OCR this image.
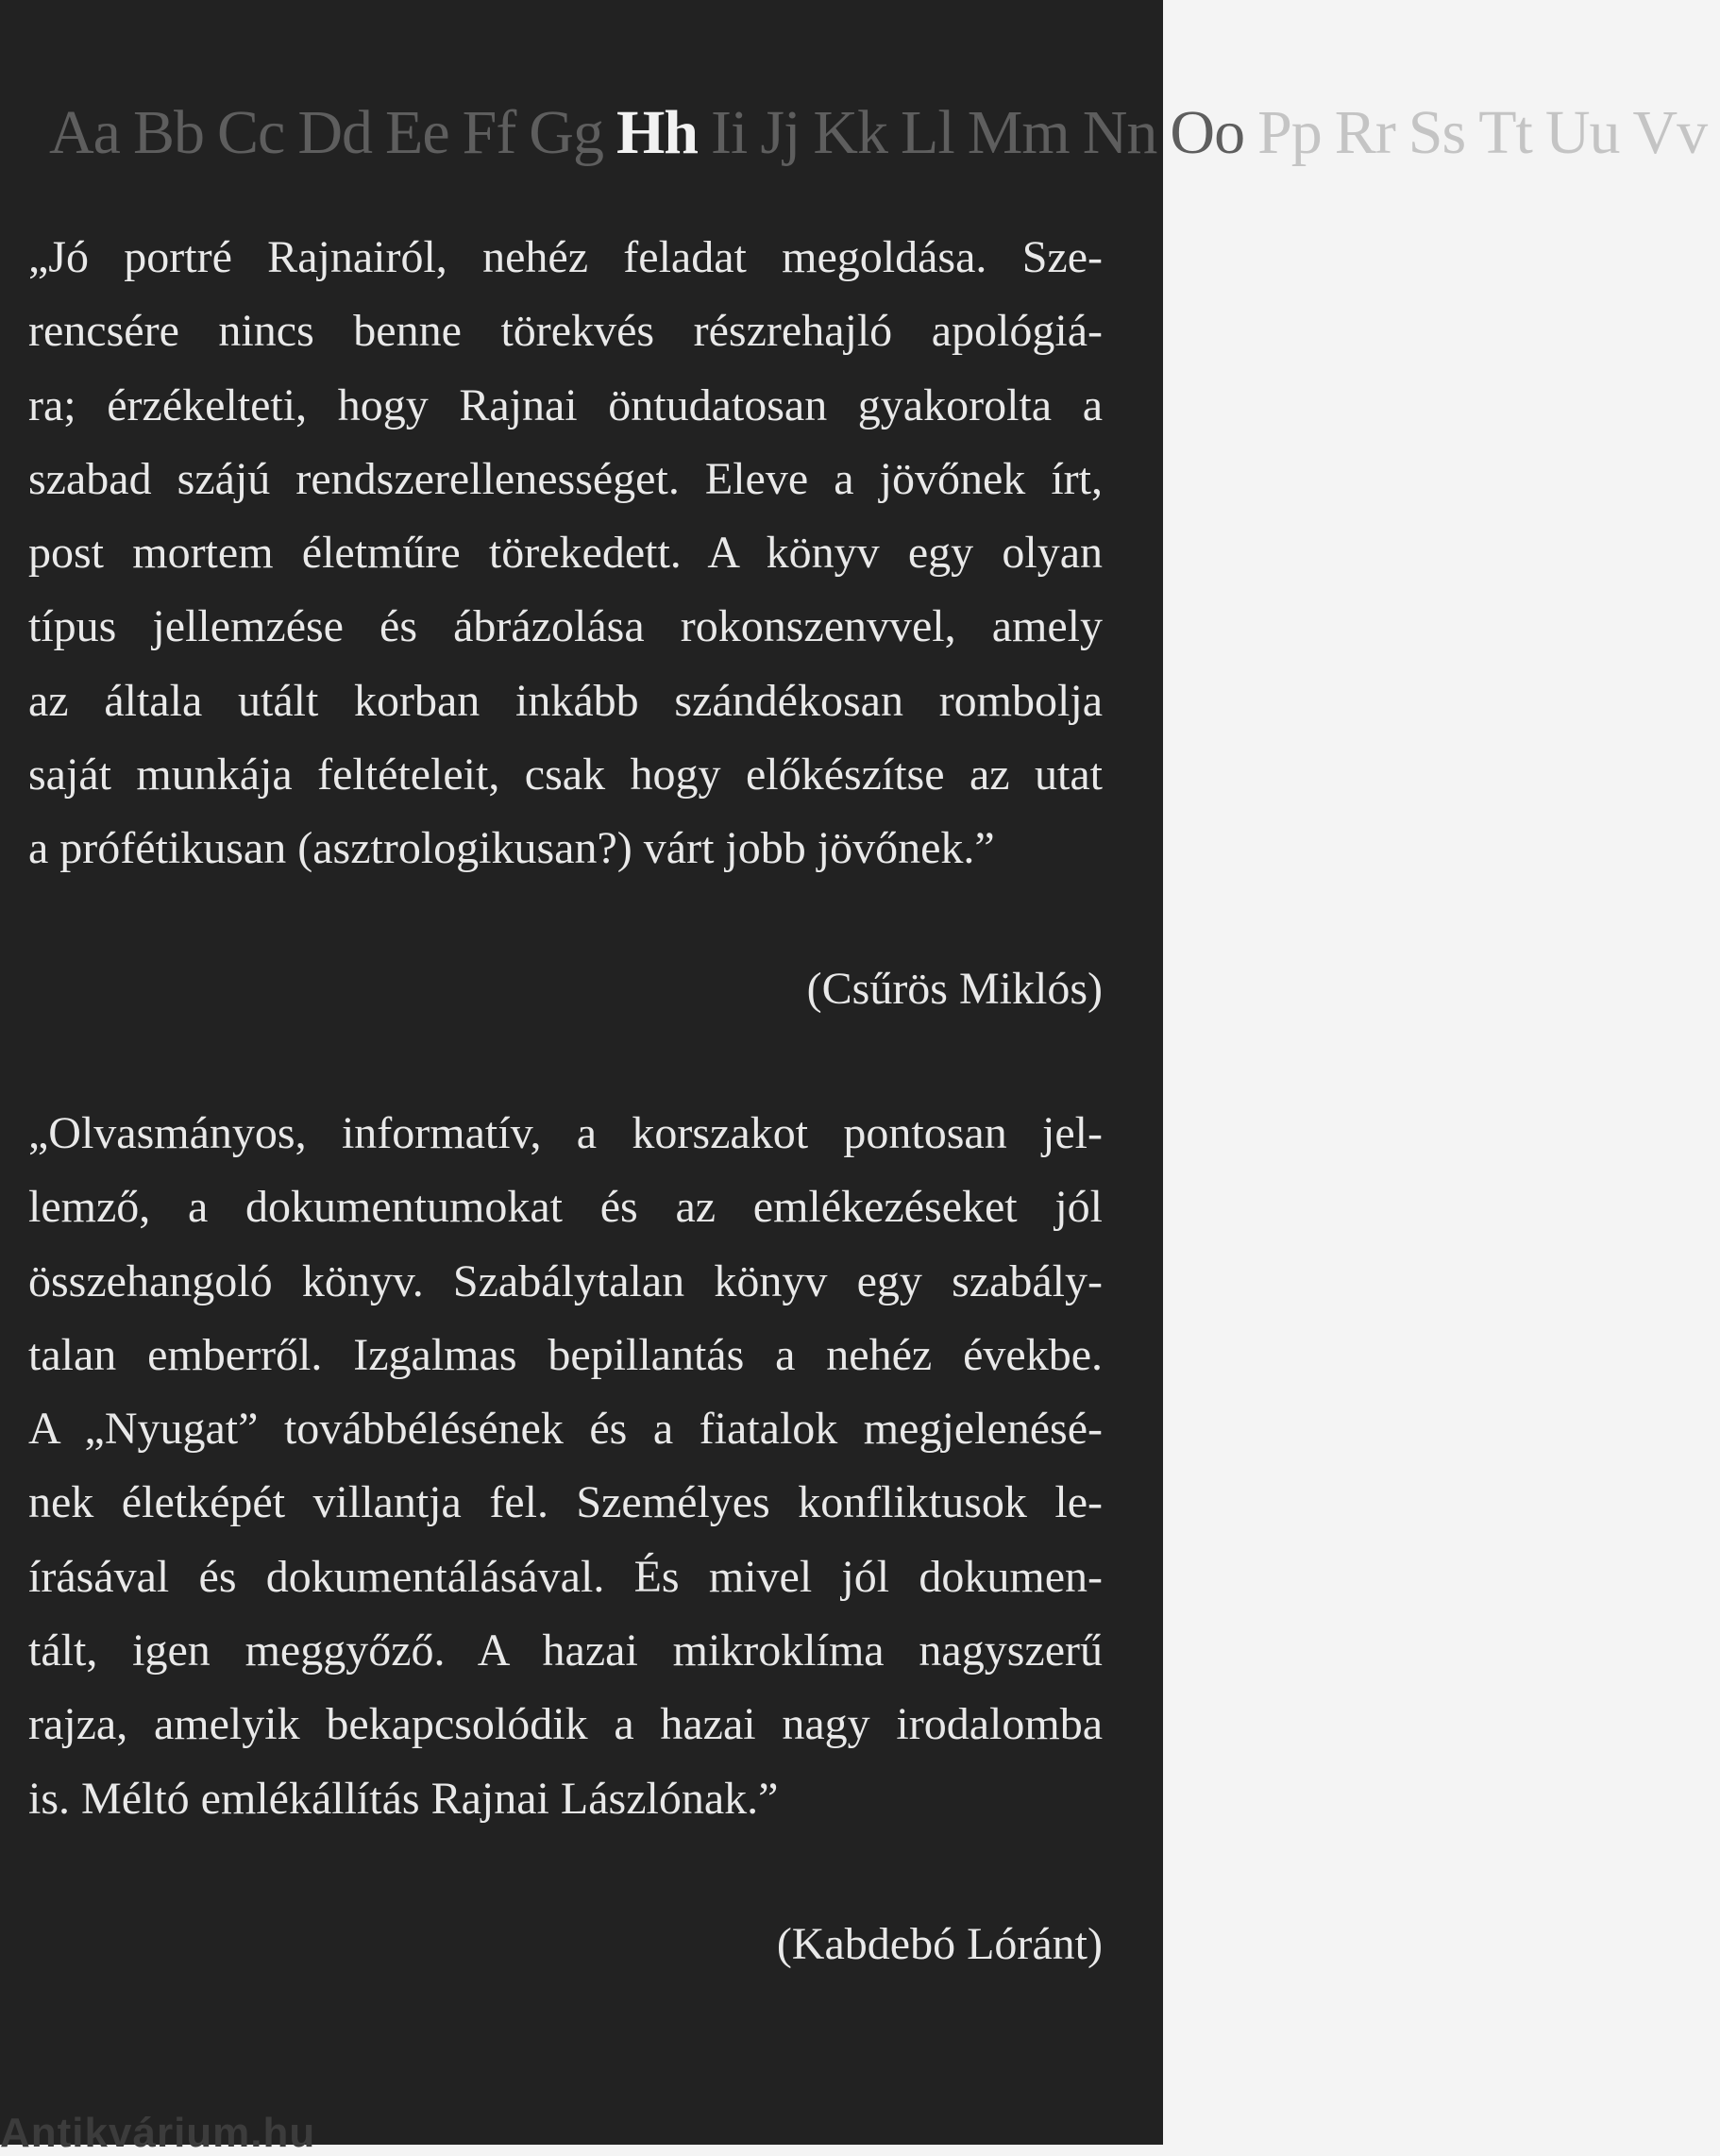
Aa Bb Cc Dd Ee Ff Gg Hh Ii Jj Kk Ll Mm Nn Oo Pp Rr Ss Tt Uu Vv
„Jó portré Rajnairól, nehéz feladat megoldása. Sze-
rencsére nincs benne törekvés részrehajló apológiá-
ra; érzékelteti, hogy Rajnai öntudatosan gyakorolta a
szabad szájú rendszerellenességet. Eleve a jövőnek írt,
post mortem életműre törekedett. A könyv egy olyan
típus jellemzése és ábrázolása rokonszenvvel, amely
az általa utált korban inkább szándékosan rombolja
saját munkája feltételeit, csak hogy előkészítse az utat
a prófétikusan (asztrologikusan?) várt jobb jövőnek.”
(Csűrös Miklós)
„Olvasmányos, informatív, a korszakot pontosan jel-
lemző, a dokumentumokat és az emlékezéseket jól
összehangoló könyv. Szabálytalan könyv egy szabály-
talan emberről. Izgalmas bepillantás a nehéz évekbe.
A „Nyugat” továbbélésének és a fiatalok megjelenésé-
nek életképét villantja fel. Személyes konfliktusok le-
írásával és dokumentálásával. És mivel jól dokumen-
tált, igen meggyőző. A hazai mikroklíma nagyszerű
rajza, amelyik bekapcsolódik a hazai nagy irodalomba
is. Méltó emlékállítás Rajnai Lászlónak.”
(Kabdebó Lóránt)
Antikvárium.hu
